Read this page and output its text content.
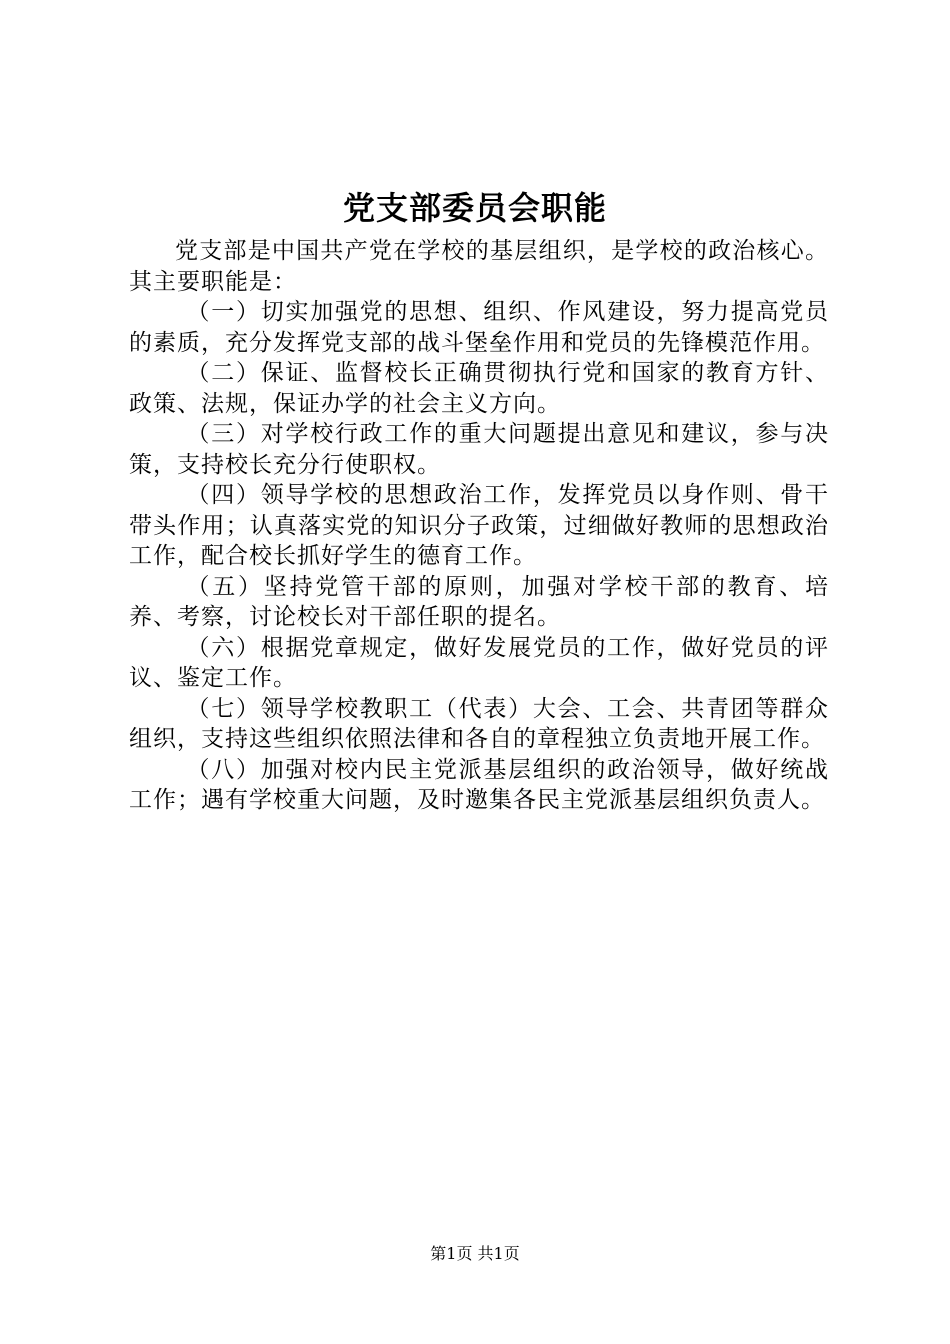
党支部委员会职能

党支部是中国共产党在学校的基层组织，是学校的政治核心。其主要职能是：

（一）切实加强党的思想、组织、作风建设，努力提高党员的素质，充分发挥党支部的战斗堡垒作用和党员的先锋模范作用。

（二）保证、监督校长正确贯彻执行党和国家的教育方针、政策、法规，保证办学的社会主义方向。

（三）对学校行政工作的重大问题提出意见和建议，参与决策，支持校长充分行使职权。

（四）领导学校的思想政治工作，发挥党员以身作则、骨干带头作用；认真落实党的知识分子政策，过细做好教师的思想政治工作，配合校长抓好学生的德育工作。

（五）坚持党管干部的原则，加强对学校干部的教育、培养、考察，讨论校长对干部任职的提名。

（六）根据党章规定，做好发展党员的工作，做好党员的评议、鉴定工作。

（七）领导学校教职工（代表）大会、工会、共青团等群众组织，支持这些组织依照法律和各自的章程独立负责地开展工作。

（八）加强对校内民主党派基层组织的政治领导，做好统战工作；遇有学校重大问题，及时邀集各民主党派基层组织负责人。

第1页 共1页
